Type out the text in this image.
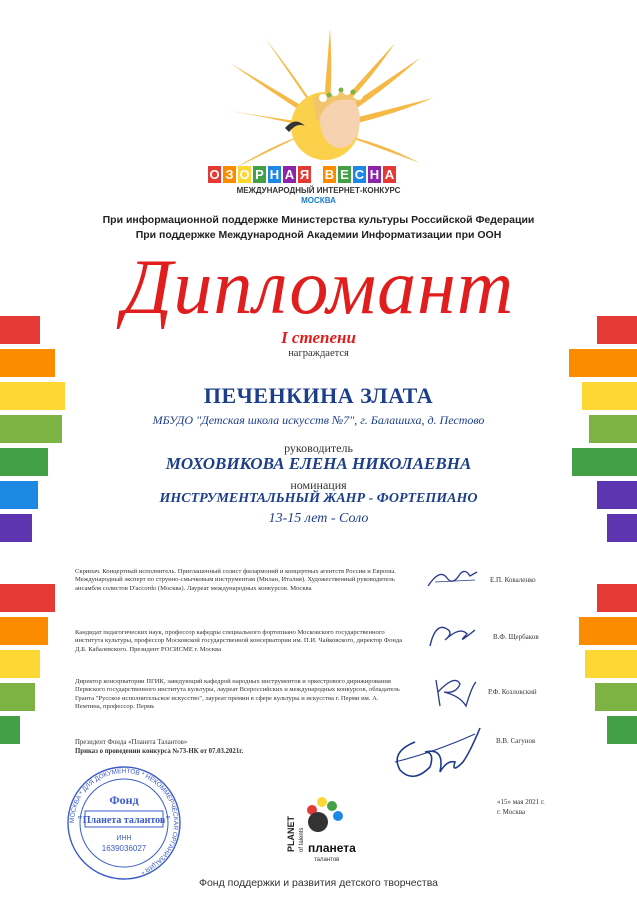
О З О Р Н А Я В Е С Н А
МЕЖДУНАРОДНЫЙ ИНТЕРНЕТ-КОНКУРС
МОСКВА
При информационной поддержке Министерства культуры Российской Федерации
При поддержке Международной Академии Информатизации при ООН
Дипломант
I степени
награждается
ПЕЧЕНКИНА ЗЛАТА
МБУДО "Детская школа искусств №7", г. Балашиха, д. Пестово
руководитель
МОХОВИКОВА ЕЛЕНА НИКОЛАЕВНА
номинация
ИНСТРУМЕНТАЛЬНЫЙ ЖАНР - ФОРТЕПИАНО
13-15 лет - Соло
Скрипач. Концертный исполнитель. Приглашенный солист филармоний и концертных агентств России и Европы. Международный эксперт по струнно-смычковым инструментам (Милан, Италия). Художественный руководитель ансамбля солистов D'accordo (Москва). Лауреат международных конкурсов. Москва
Е.П. Коваленко
Кандидат педагогических наук, профессор кафедры специального фортепиано Московского государственного института культуры, профессор Московской государственной консерватории им. П.И. Чайковского, директор Фонда Д.Б. Кабалевского. Президент РОСИСМЕ г. Москва
В.Ф. Щербаков
Директор консерватории ПГИК, заведующий кафедрой народных инструментов и оркестрового дирижирования Пермского государственного института культуры, лауреат Всероссийских и международных конкурсов, обладатель Гранта "Русское исполнительское искусство", лауреат премии в сфере культуры и искусства г. Перми им. А. Немтина, профессор. Пермь
Р.Ф. Козловский
Президент Фонда «Планета Талантов»
Приказ о проведении конкурса №73-НК от 07.03.2021г.
В.В. Сагунов
«15» мая 2021 г.
г. Москва
МОСКВА * ДЛЯ ДОКУМЕНТОВ * НЕКОММЕРЧЕСКАЯ ОРГАНИЗАЦИЯ *
Фонд
"Планета талантов"
ИНН
1639036027	PLANET of talents планета
талантов
Фонд поддержки и развития детского творчества
